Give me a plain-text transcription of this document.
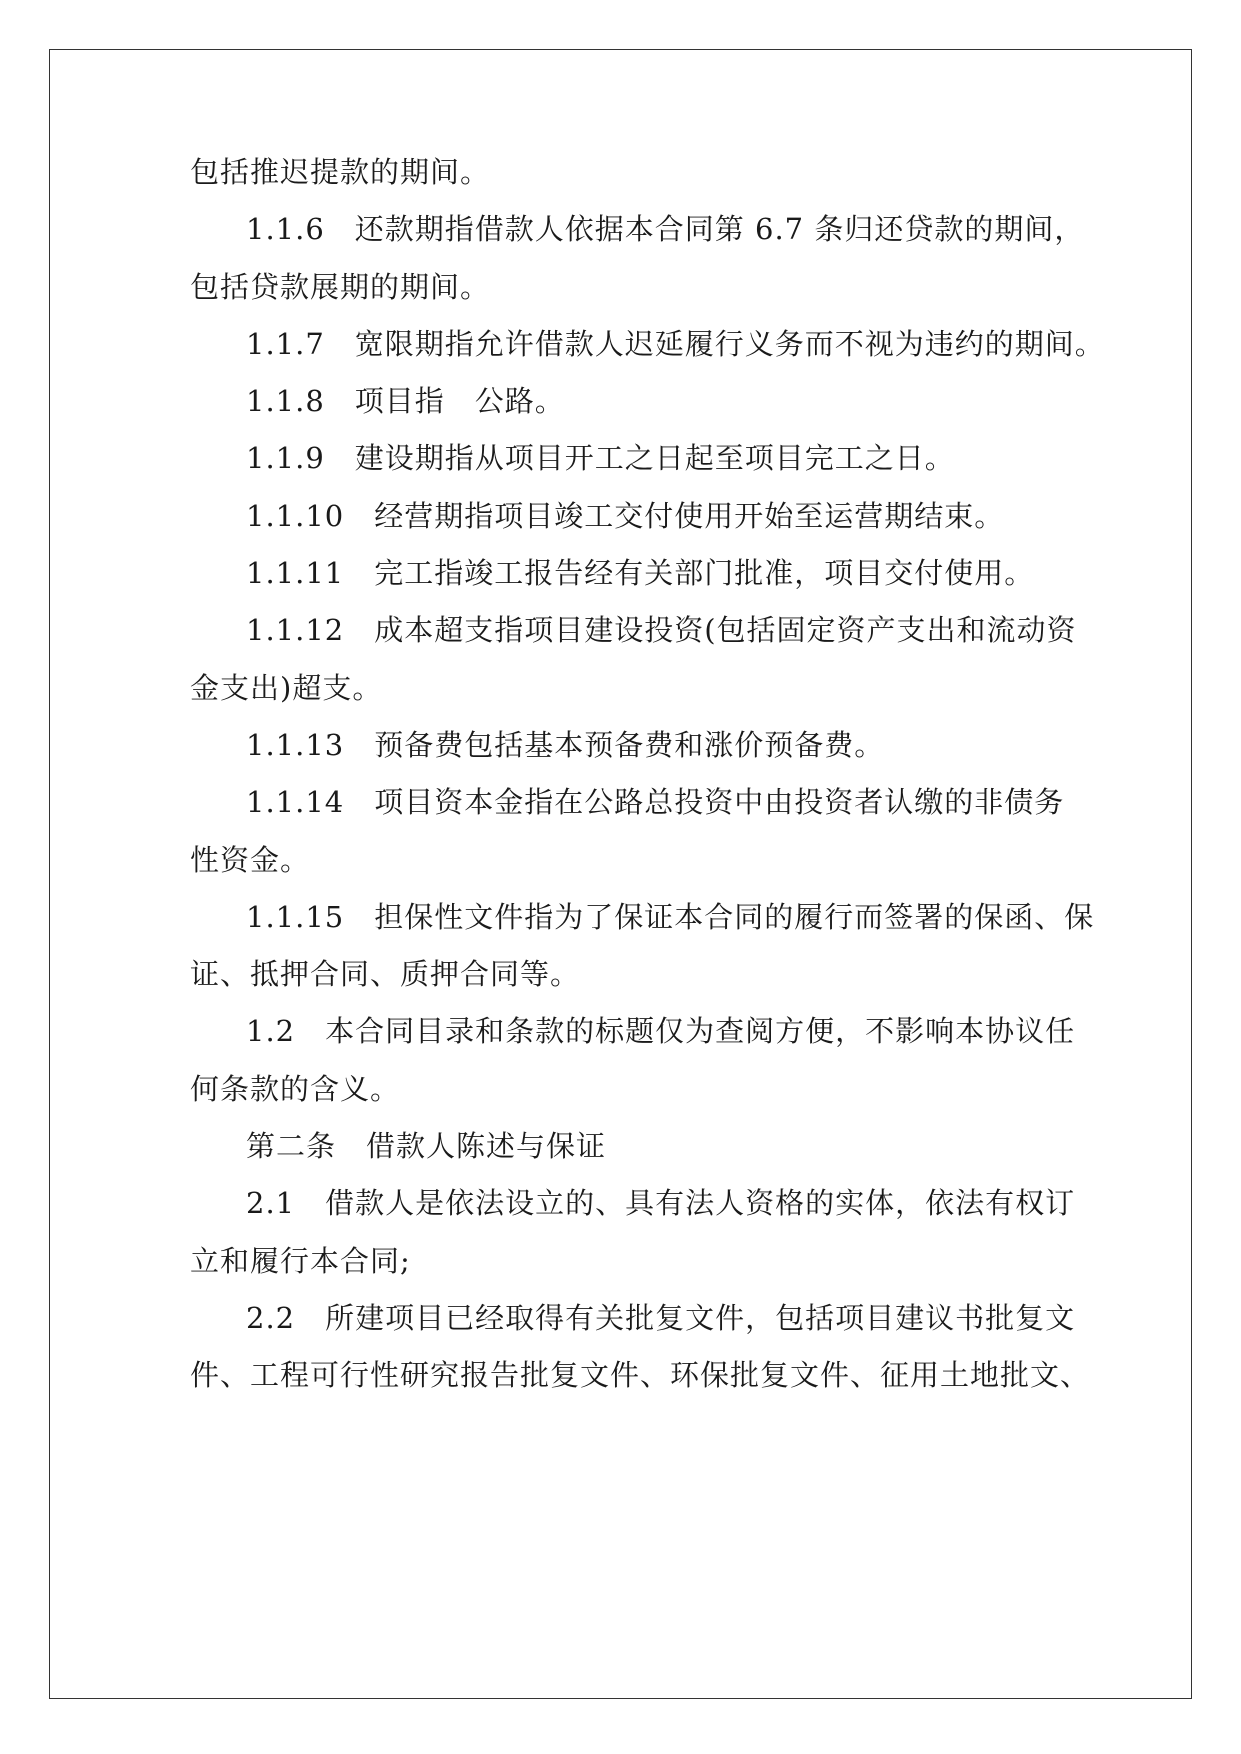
包括推迟提款的期间。
1.1.6　还款期指借款人依据本合同第 6.7 条归还贷款的期间，
包括贷款展期的期间。
1.1.7　宽限期指允许借款人迟延履行义务而不视为违约的期间。
1.1.8　项目指　公路。
1.1.9　建设期指从项目开工之日起至项目完工之日。
1.1.10　经营期指项目竣工交付使用开始至运营期结束。
1.1.11　完工指竣工报告经有关部门批准，项目交付使用。
1.1.12　成本超支指项目建设投资(包括固定资产支出和流动资
金支出)超支。
1.1.13　预备费包括基本预备费和涨价预备费。
1.1.14　项目资本金指在公路总投资中由投资者认缴的非债务
性资金。
1.1.15　担保性文件指为了保证本合同的履行而签署的保函、保
证、抵押合同、质押合同等。
1.2　本合同目录和条款的标题仅为查阅方便，不影响本协议任
何条款的含义。
第二条　借款人陈述与保证
2.1　借款人是依法设立的、具有法人资格的实体，依法有权订
立和履行本合同;
2.2　所建项目已经取得有关批复文件，包括项目建议书批复文
件、工程可行性研究报告批复文件、环保批复文件、征用土地批文、
